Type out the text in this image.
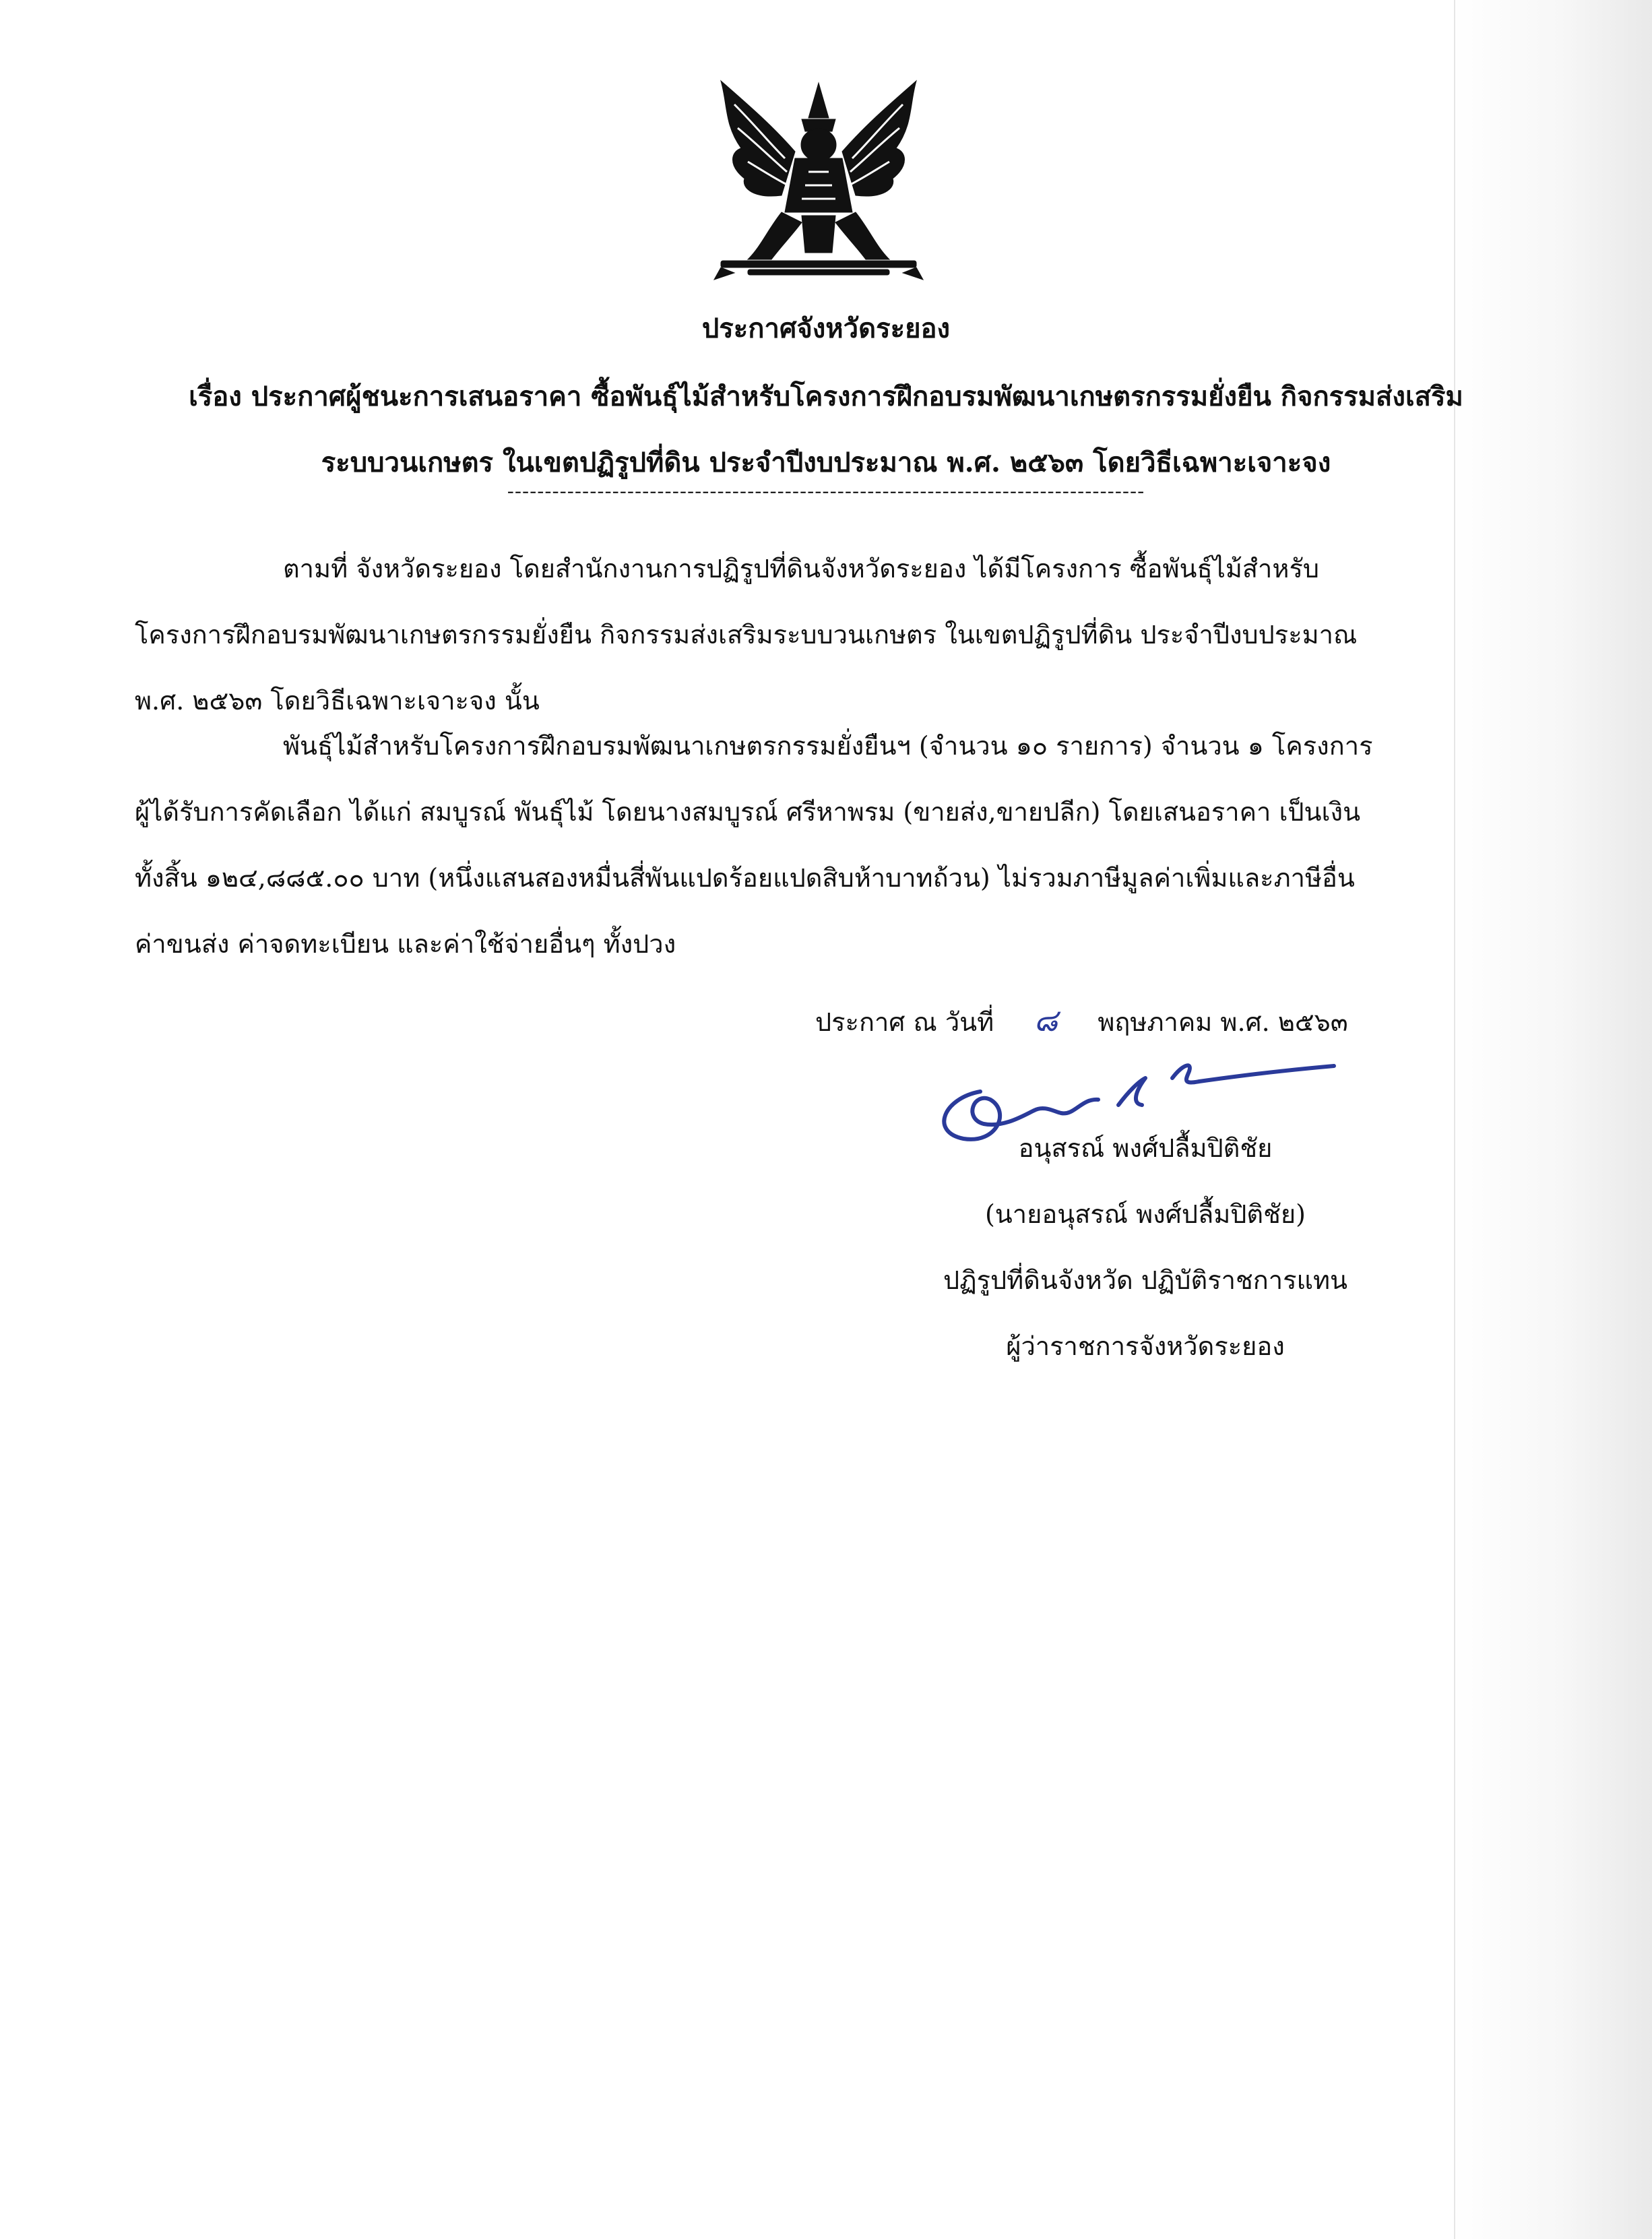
ประกาศจังหวัดระยอง
เรื่อง ประกาศผู้ชนะการเสนอราคา ซื้อพันธุ์ไม้สำหรับโครงการฝึกอบรมพัฒนาเกษตรกรรมยั่งยืน กิจกรรมส่งเสริม
ระบบวนเกษตร ในเขตปฏิรูปที่ดิน ประจำปีงบประมาณ พ.ศ. ๒๕๖๓ โดยวิธีเฉพาะเจาะจง
-------------------------------------------------------------------------------------
ตามที่ จังหวัดระยอง โดยสำนักงานการปฏิรูปที่ดินจังหวัดระยอง ได้มีโครงการ ซื้อพันธุ์ไม้สำหรับ
โครงการฝึกอบรมพัฒนาเกษตรกรรมยั่งยืน กิจกรรมส่งเสริมระบบวนเกษตร ในเขตปฏิรูปที่ดิน ประจำปีงบประมาณ
พ.ศ. ๒๕๖๓ โดยวิธีเฉพาะเจาะจง นั้น
พันธุ์ไม้สำหรับโครงการฝึกอบรมพัฒนาเกษตรกรรมยั่งยืนฯ (จำนวน ๑๐ รายการ) จำนวน ๑ โครงการ
ผู้ได้รับการคัดเลือก ได้แก่ สมบูรณ์ พันธุ์ไม้ โดยนางสมบูรณ์ ศรีหาพรม (ขายส่ง,ขายปลีก) โดยเสนอราคา เป็นเงิน
ทั้งสิ้น ๑๒๔,๘๘๕.๐๐ บาท (หนึ่งแสนสองหมื่นสี่พันแปดร้อยแปดสิบห้าบาทถ้วน) ไม่รวมภาษีมูลค่าเพิ่มและภาษีอื่น
ค่าขนส่ง ค่าจดทะเบียน และค่าใช้จ่ายอื่นๆ ทั้งปวง
ประกาศ ณ วันที่ ๘ พฤษภาคม พ.ศ. ๒๕๖๓
อนุสรณ์ พงศ์ปลื้มปิติชัย
(นายอนุสรณ์ พงศ์ปลื้มปิติชัย)
ปฏิรูปที่ดินจังหวัด ปฏิบัติราชการแทน
ผู้ว่าราชการจังหวัดระยอง
